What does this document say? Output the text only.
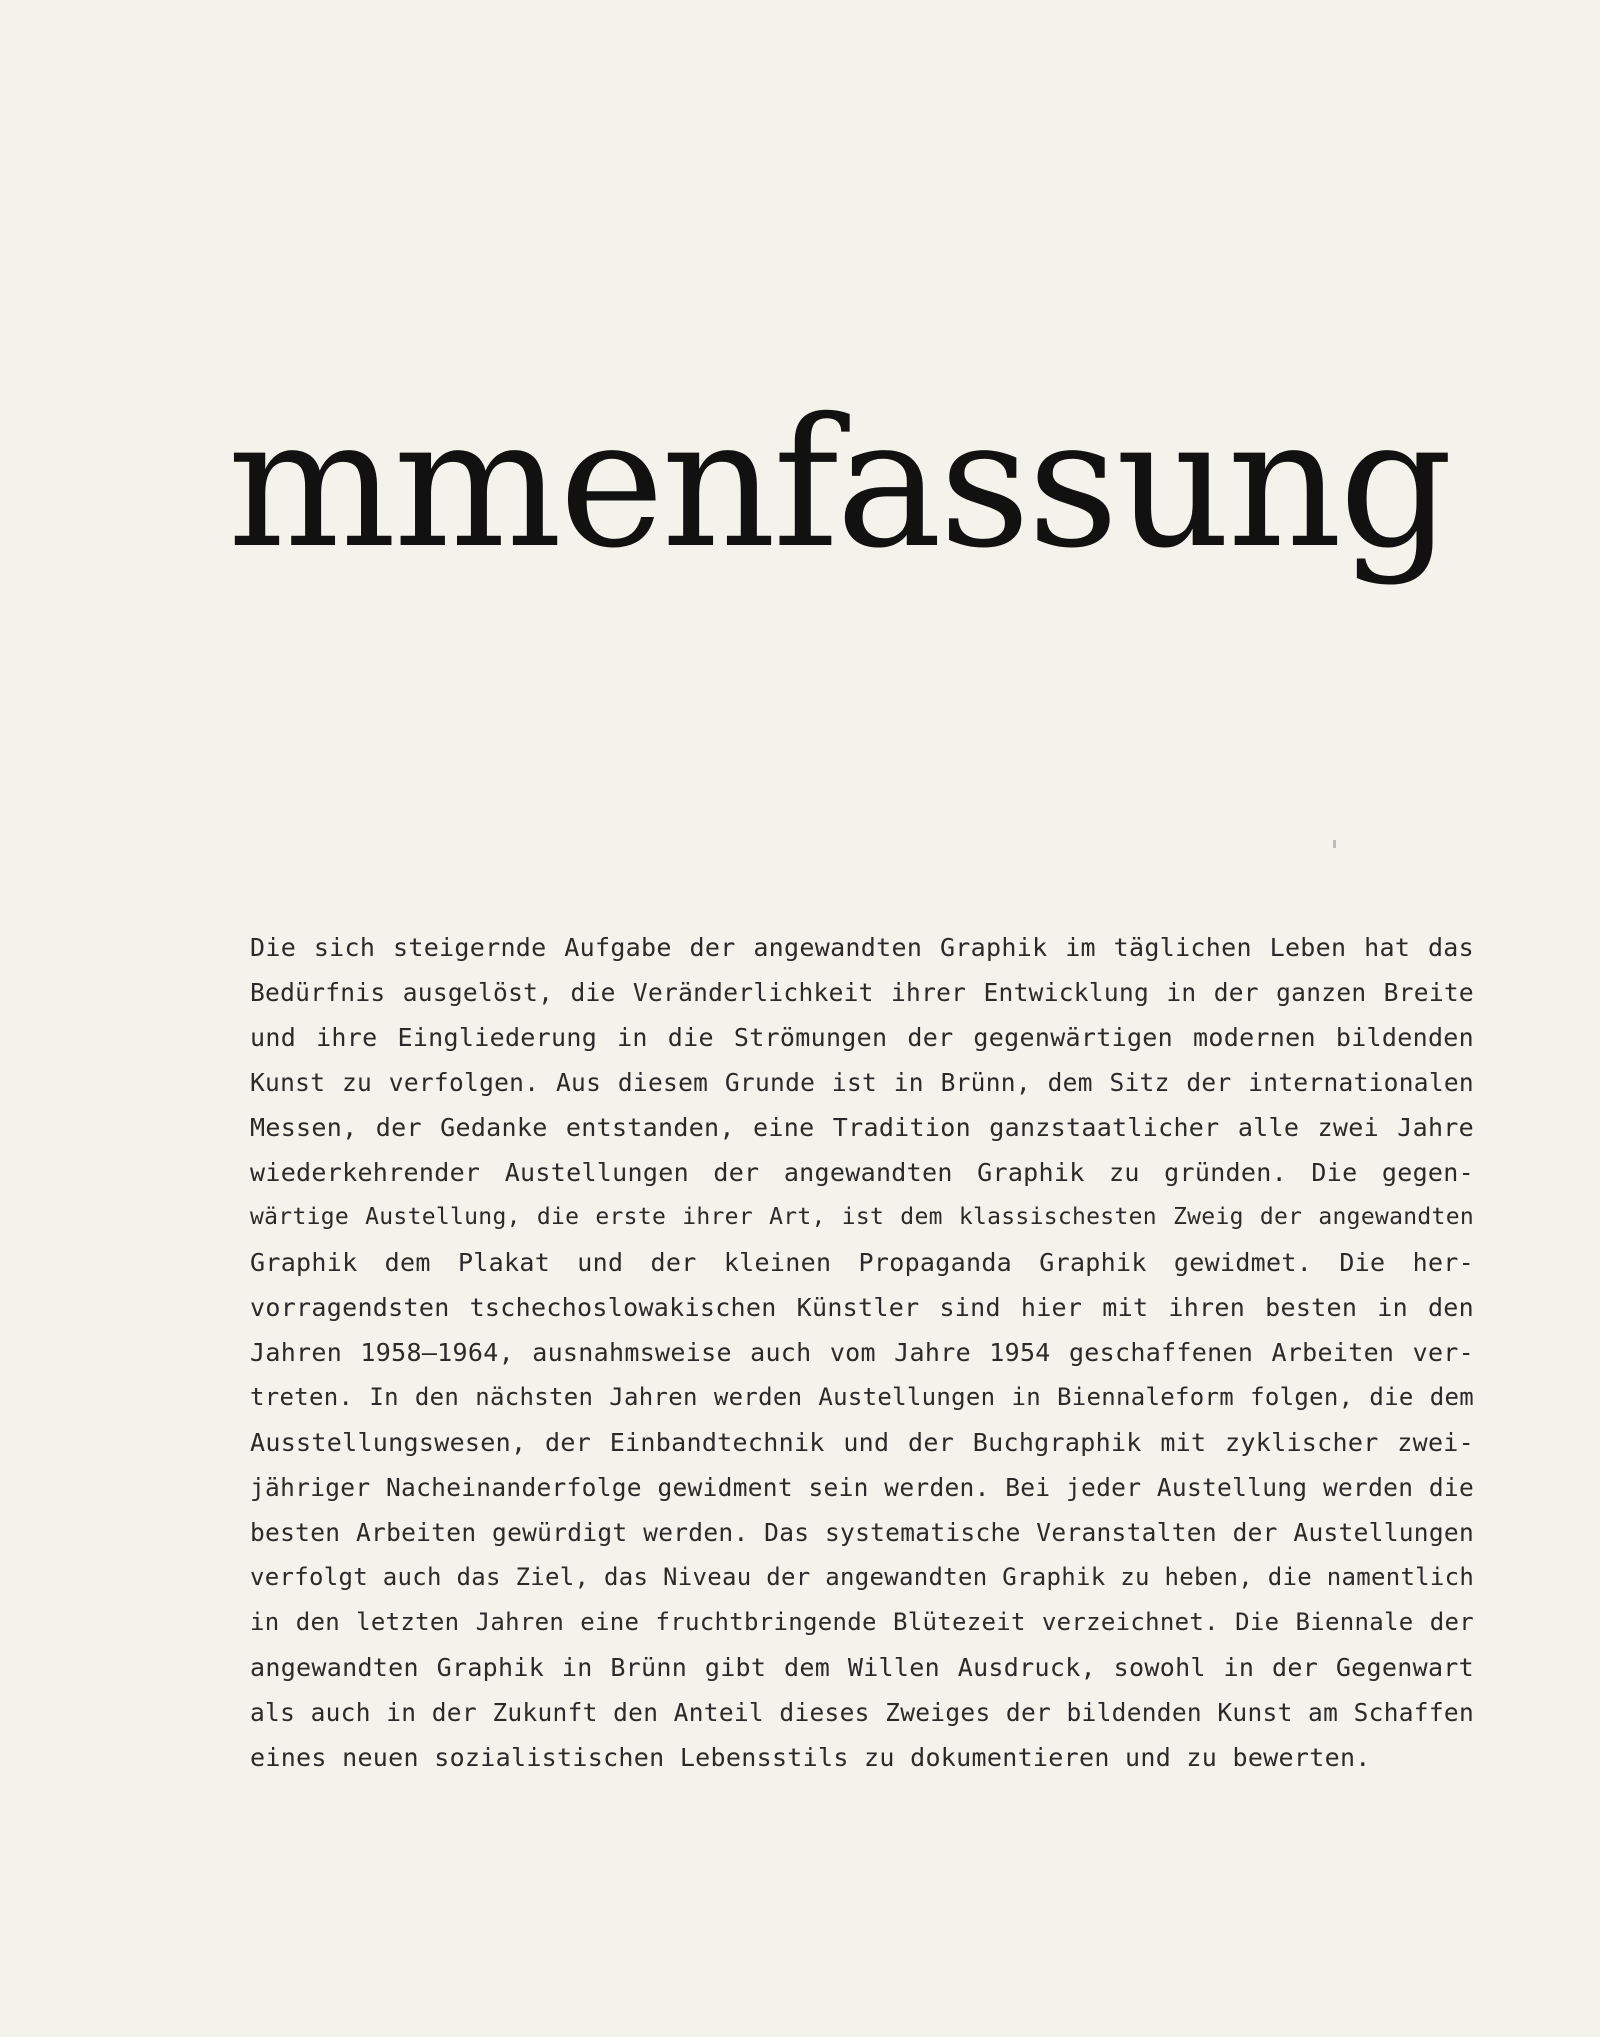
mmenfassung
Die sich steigernde Aufgabe der angewandten Graphik im täglichen Leben hat das
Bedürfnis ausgelöst, die Veränderlichkeit ihrer Entwicklung in der ganzen Breite
und ihre Eingliederung in die Strömungen der gegenwärtigen modernen bildenden
Kunst zu verfolgen. Aus diesem Grunde ist in Brünn, dem Sitz der internationalen
Messen, der Gedanke entstanden, eine Tradition ganzstaatlicher alle zwei Jahre
wiederkehrender Austellungen der angewandten Graphik zu gründen. Die gegen-
wärtige Austellung, die erste ihrer Art, ist dem klassischesten Zweig der angewandten
Graphik dem Plakat und der kleinen Propaganda Graphik gewidmet. Die her-
vorragendsten tschechoslowakischen Künstler sind hier mit ihren besten in den
Jahren 1958—1964, ausnahmsweise auch vom Jahre 1954 geschaffenen Arbeiten ver-
treten. In den nächsten Jahren werden Austellungen in Biennaleform folgen, die dem
Ausstellungswesen, der Einbandtechnik und der Buchgraphik mit zyklischer zwei-
jähriger Nacheinanderfolge gewidment sein werden. Bei jeder Austellung werden die
besten Arbeiten gewürdigt werden. Das systematische Veranstalten der Austellungen
verfolgt auch das Ziel, das Niveau der angewandten Graphik zu heben, die namentlich
in den letzten Jahren eine fruchtbringende Blütezeit verzeichnet. Die Biennale der
angewandten Graphik in Brünn gibt dem Willen Ausdruck, sowohl in der Gegenwart
als auch in der Zukunft den Anteil dieses Zweiges der bildenden Kunst am Schaffen
eines neuen sozialistischen Lebensstils zu dokumentieren und zu bewerten.
